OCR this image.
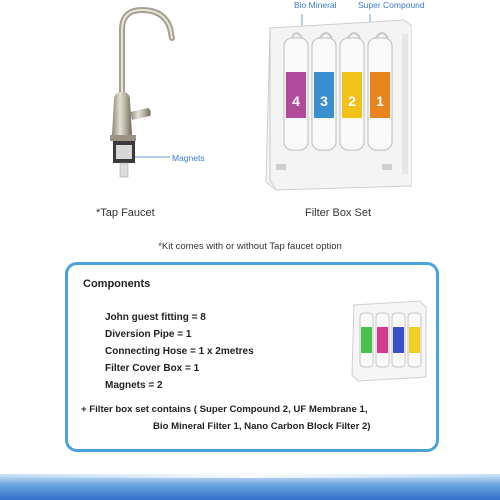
Magnets
*Tap Faucet
Bio Mineral	Super Compound
4 3 2 1
Filter Box Set
*Kit comes with or without Tap faucet option
Components
John guest fitting = 8
Diversion Pipe = 1
Connecting Hose = 1 x 2metres
Filter Cover Box = 1
Magnets = 2
+ Filter box set contains ( Super Compound 2, UF Membrane 1,
Bio Mineral Filter 1, Nano Carbon Block Filter 2)
